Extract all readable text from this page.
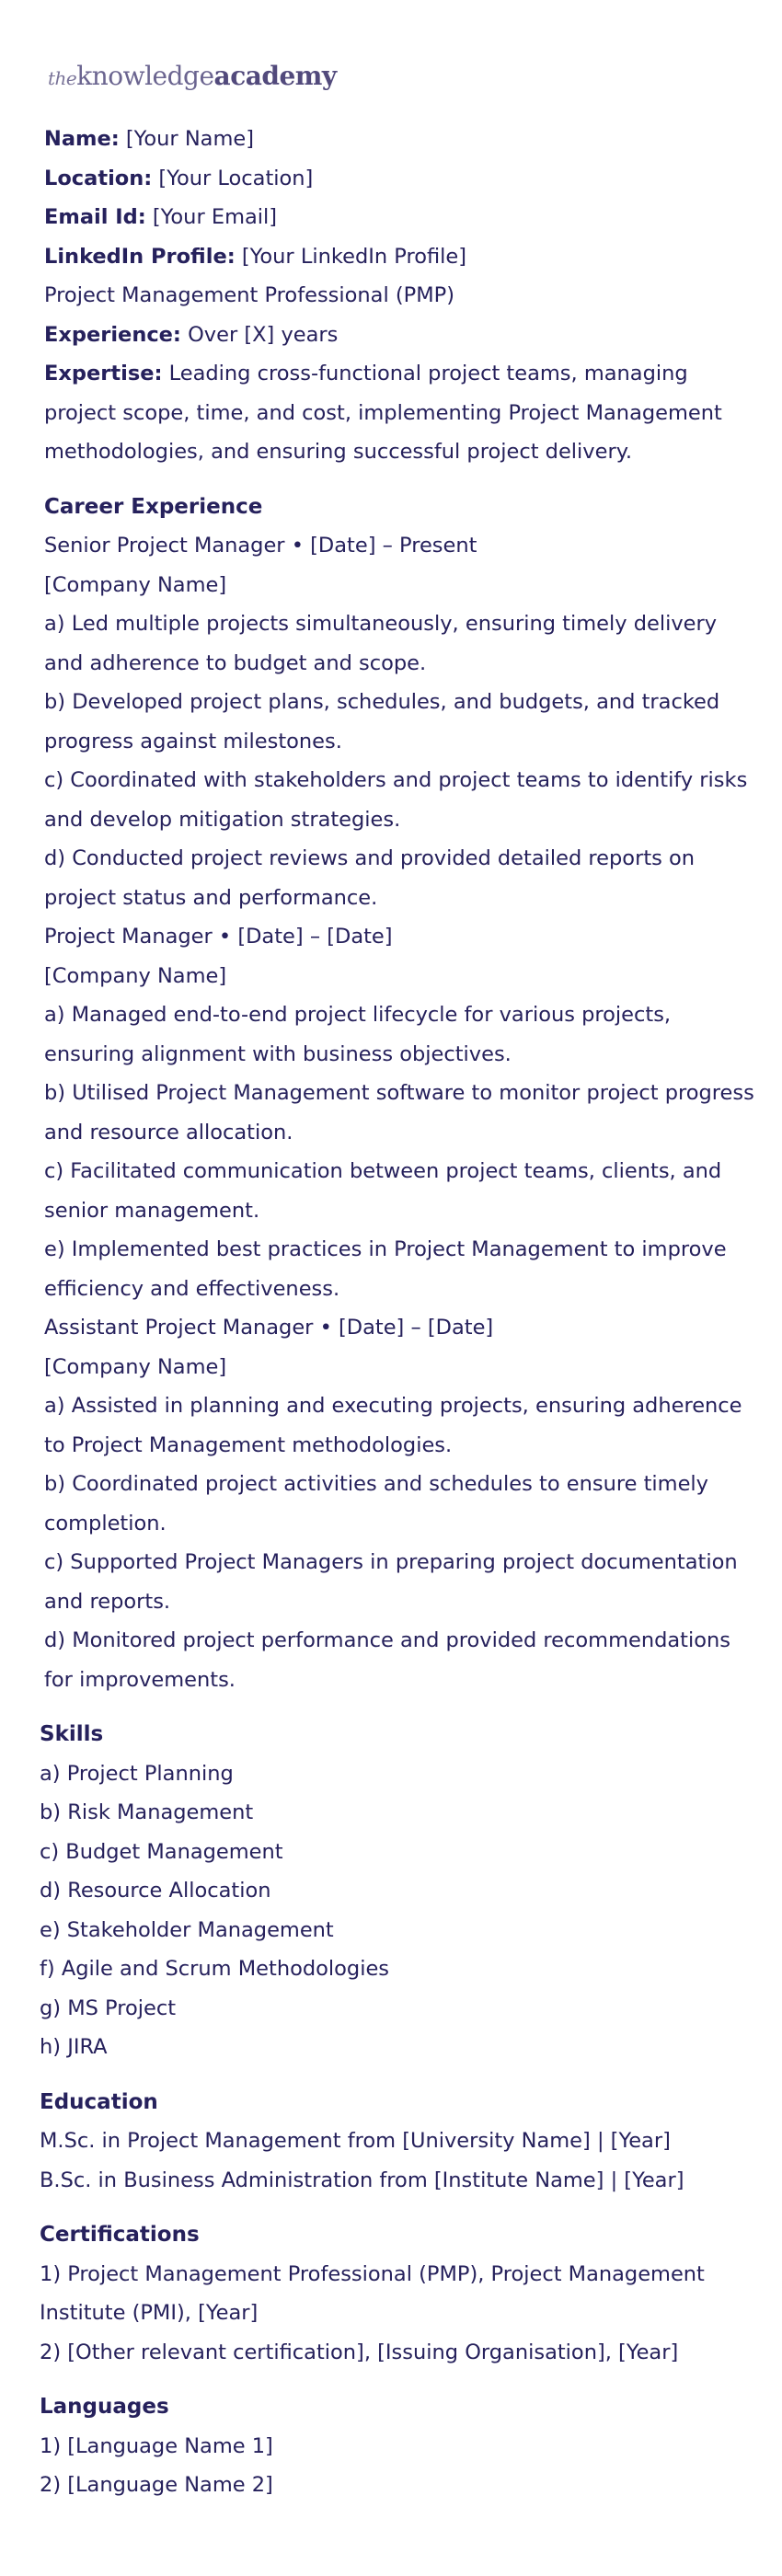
theknowledgeacademy

Name: [Your Name]

Location: [Your Location]

Email Id: [Your Email]

LinkedIn Profile: [Your LinkedIn Profile]

Project Management Professional (PMP)

Experience: Over [X] years

Expertise: Leading cross-functional project teams, managing project scope, time, and cost, implementing Project Management methodologies, and ensuring successful project delivery.

Career Experience

Senior Project Manager • [Date] – Present

[Company Name]

a) Led multiple projects simultaneously, ensuring timely delivery and adherence to budget and scope.

b) Developed project plans, schedules, and budgets, and tracked progress against milestones.

c) Coordinated with stakeholders and project teams to identify risks and develop mitigation strategies.

d) Conducted project reviews and provided detailed reports on project status and performance.

Project Manager • [Date] – [Date]

[Company Name]

a) Managed end-to-end project lifecycle for various projects, ensuring alignment with business objectives.

b) Utilised Project Management software to monitor project progress and resource allocation.

c) Facilitated communication between project teams, clients, and senior management.

e) Implemented best practices in Project Management to improve efficiency and effectiveness.

Assistant Project Manager • [Date] – [Date]

[Company Name]

a) Assisted in planning and executing projects, ensuring adherence to Project Management methodologies.

b) Coordinated project activities and schedules to ensure timely completion.

c) Supported Project Managers in preparing project documentation and reports.

d) Monitored project performance and provided recommendations for improvements.

Skills

a) Project Planning

b) Risk Management

c) Budget Management

d) Resource Allocation

e) Stakeholder Management

f) Agile and Scrum Methodologies

g) MS Project

h) JIRA

Education

M.Sc. in Project Management from [University Name] | [Year]

B.Sc. in Business Administration from [Institute Name] | [Year]

Certifications

1) Project Management Professional (PMP), Project Management Institute (PMI), [Year]

2) [Other relevant certification], [Issuing Organisation], [Year]

Languages

1) [Language Name 1]

2) [Language Name 2]
